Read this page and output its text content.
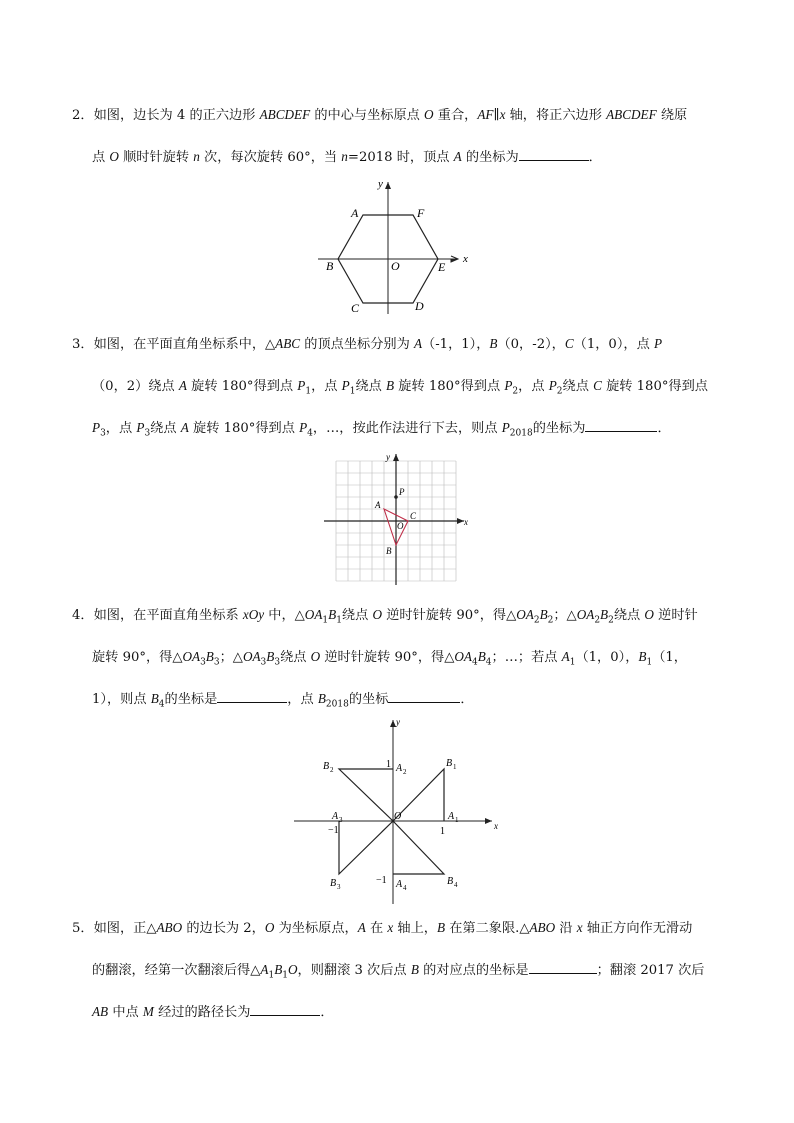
2．如图，边长为 4 的正六边形 ABCDEF 的中心与坐标原点 O 重合，AF∥x 轴，将正六边形 ABCDEF 绕原
点 O 顺时针旋转 n 次，每次旋转 60°，当 n=2018 时，顶点 A 的坐标为	．
A	F
B	O	E
C	D
x
y
3．如图，在平面直角坐标系中，△ABC 的顶点坐标分别为 A（-1，1），B（0，-2），C（1，0），点 P
（0，2）绕点 A 旋转 180°得到点 $P_1$，点 $P_1$绕点 B 旋转 180°得到点 $P_2$，点 $P_2$绕点 C 旋转 180°得到点
$P_3$，点 $P_3$绕点 A 旋转 180°得到点 $P_4$，…，按此作法进行下去，则点 $P_{2018}$的坐标为	．
A
B
C
O
P
x
y
4．如图，在平面直角坐标系 xOy 中，$\triangle OA_1B_1$绕点 O 逆时针旋转 90°，得$\triangle OA_2B_2$；$\triangle OA_2B_2$绕点 O 逆时针
旋转 90°，得$\triangle OA_3B_3$；$\triangle OA_3B_3$绕点 O 逆时针旋转 90°，得$\triangle OA_4B_4$；…；若点 $A_1(1$，0），$B_1(1$，
1），则点 $B_4$的坐标是	，点 $B_{2018}$的坐标	．
B 1
B 2
B 3	B 4
A 1
A 2
A 3
A 4
O
x
y
1
1
−1
−1
5．如图，正△ABO 的边长为 2，O 为坐标原点，A 在 x 轴上，B 在第二象限.△ABO 沿 x 轴正方向作无滑动
的翻滚，经第一次翻滚后得$\triangle A_1B_1O$，则翻滚 3 次后点 B 的对应点的坐标是	；翻滚 2017 次后
AB 中点 M 经过的路径长为	．
